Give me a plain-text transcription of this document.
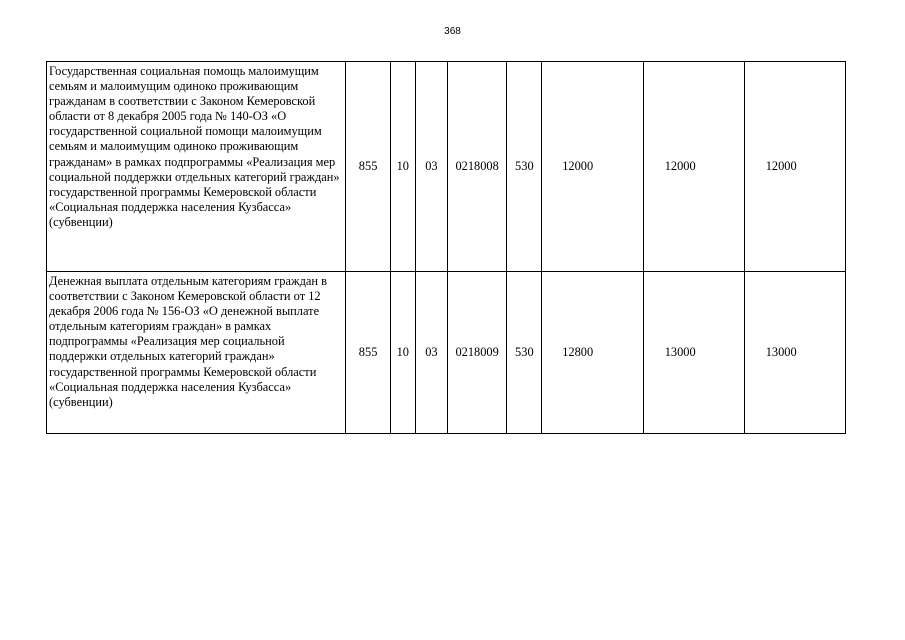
368
Государственная социальная помощь малоимущим семьям и малоимущим одиноко проживающим гражданам в соответствии с Законом Кемеровской области от 8 декабря 2005 года № 140-ОЗ «О государственной социальной помощи малоимущим семьям и малоимущим одиноко проживающим гражданам» в рамках подпрограммы «Реализация мер социальной поддержки отдельных категорий граждан» государственной программы Кемеровской области «Социальная поддержка населения Кузбасса» (субвенции)	855	10	03	0218008	530	12000	12000	12000
Денежная выплата отдельным категориям граждан в соответствии с Законом Кемеровской области от 12 декабря 2006 года № 156-ОЗ «О денежной выплате отдельным категориям граждан» в рамках подпрограммы «Реализация мер социальной поддержки отдельных категорий граждан» государственной программы Кемеровской области «Социальная поддержка населения Кузбасса» (субвенции)	855	10	03	0218009	530	12800	13000	13000
